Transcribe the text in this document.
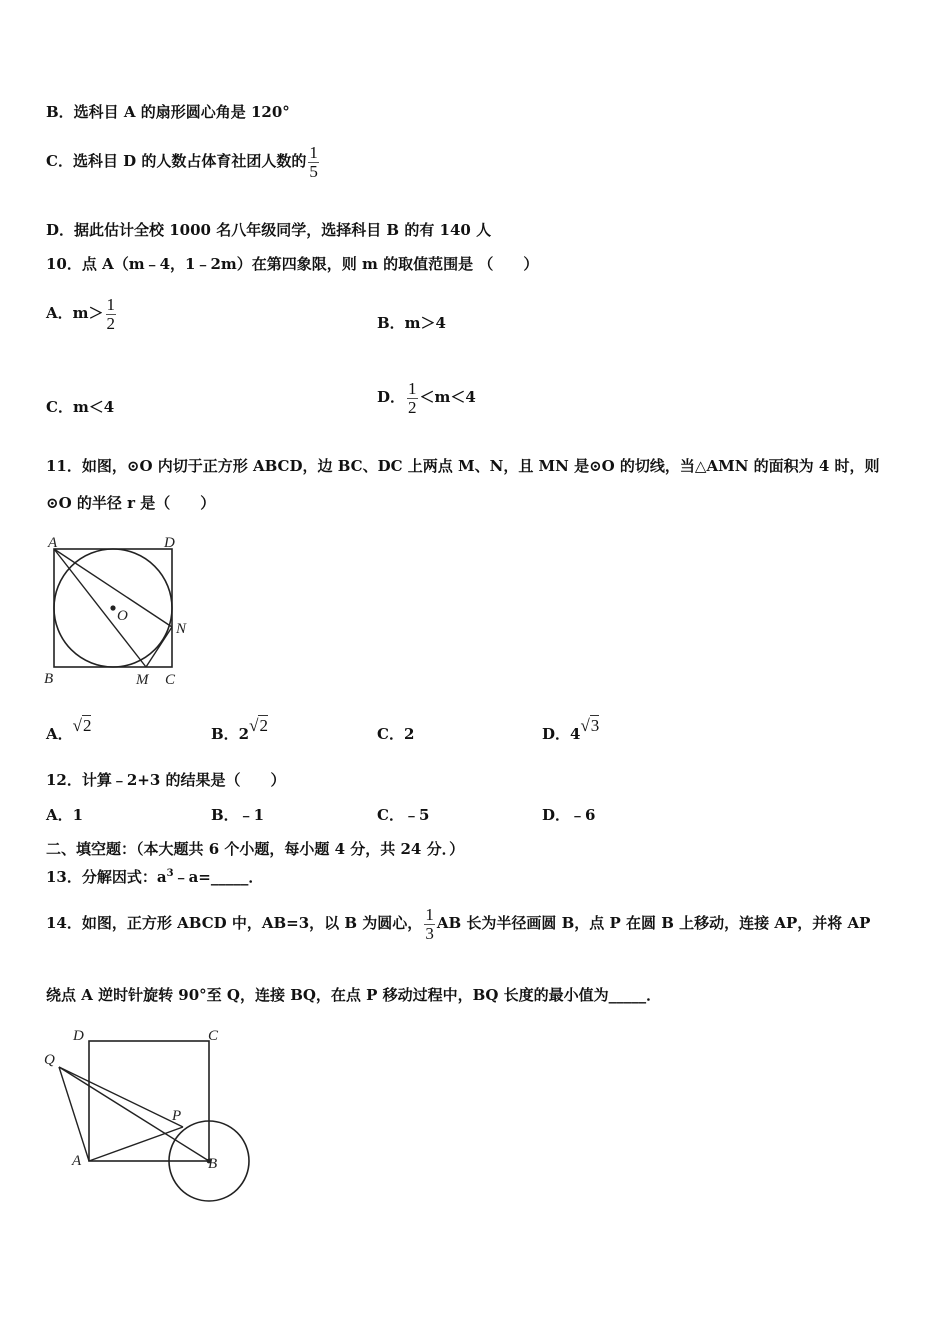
B．选科目 A 的扇形圆心角是 120°
C．选科目 D 的人数占体育社团人数的 $\frac{1}{5}$
D．据此估计全校 1000 名八年级同学，选择科目 B 的有 140 人
10．点 A（m﹣4，1﹣2m）在第四象限，则 m 的取值范围是 （　　）
A．$m> \frac{1}{2}$	B．m＞4
C．m＜4
D． $\frac{1}{2} <m<4$
11．如图，⊙O 内切于正方形 ABCD，边 BC、DC 上两点 M、N，且 MN 是⊙O 的切线，当△AMN 的面积为 4 时，则
⊙O 的半径 r 是（　　）
A	D
O
N
B	M C
A．√2	B．2√2	C．2	D．4√3
12．计算﹣2+3 的结果是（　　）
A．1	B．﹣1	C．﹣5	D．﹣6
二、填空题：（本大题共 6 个小题，每小题 4 分，共 24 分．）
13．分解因式：$a^3﹣a=\_\_\_\_\_$．
14．如图，正方形 ABCD 中，AB=3，以 B 为圆心， $\frac{1}{3}$ AB 长为半径画圆 B，点 P 在圆 B 上移动，连接 AP，并将 AP
绕点 A 逆时针旋转 90°至 Q，连接 BQ，在点 P 移动过程中，BQ 长度的最小值为_____．
D	C
Q
P
A	B
